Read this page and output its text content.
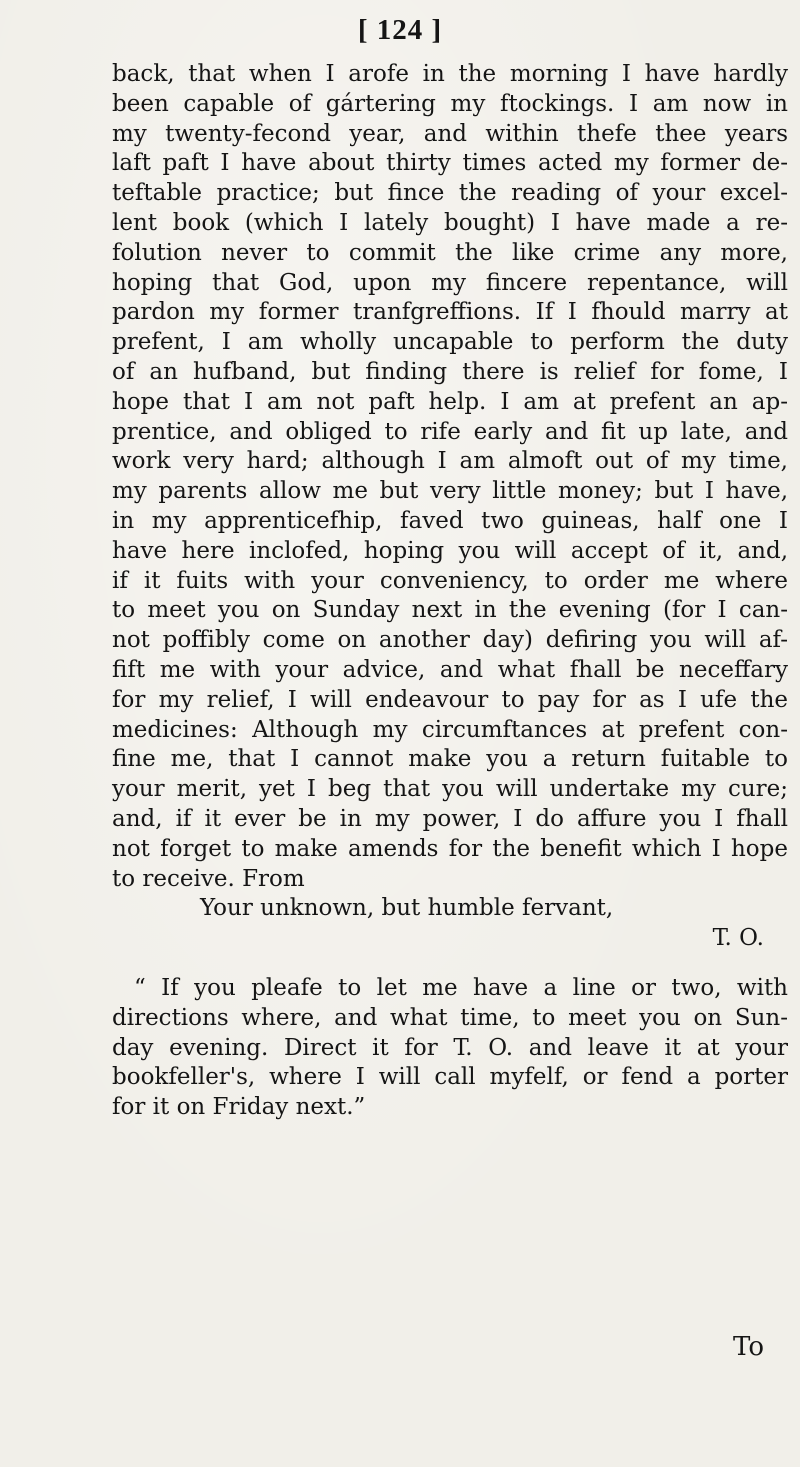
[ 124 ]
back, that when I arofe in the morning I have hardly
been capable of gártering my ftockings. I am now in
my twenty-fecond year, and within thefe thee years
laft paft I have about thirty times acted my former de-
teftable practice; but fince the reading of your excel-
lent book (which I lately bought) I have made a re-
folution never to commit the like crime any more,
hoping that God, upon my fincere repentance, will
pardon my former tranfgreffions. If I fhould marry at
prefent, I am wholly uncapable to perform the duty
of an hufband, but finding there is relief for fome, I
hope that I am not paft help. I am at prefent an ap-
prentice, and obliged to rife early and fit up late, and
work very hard; although I am almoft out of my time,
my parents allow me but very little money; but I have,
in my apprenticefhip, faved two guineas, half one I
have here inclofed, hoping you will accept of it, and,
if it fuits with your conveniency, to order me where
to meet you on Sunday next in the evening (for I can-
not poffibly come on another day) defiring you will af-
fift me with your advice, and what fhall be neceffary
for my relief, I will endeavour to pay for as I ufe the
medicines: Although my circumftances at prefent con-
fine me, that I cannot make you a return fuitable to
your merit, yet I beg that you will undertake my cure;
and, if it ever be in my power, I do affure you I fhall
not forget to make amends for the benefit which I hope
to receive. From
Your unknown, but humble fervant,
T. O.
“ If you pleafe to let me have a line or two, with
directions where, and what time, to meet you on Sun-
day evening. Direct it for T. O. and leave it at your
bookfeller's, where I will call myfelf, or fend a porter
for it on Friday next.”
To
